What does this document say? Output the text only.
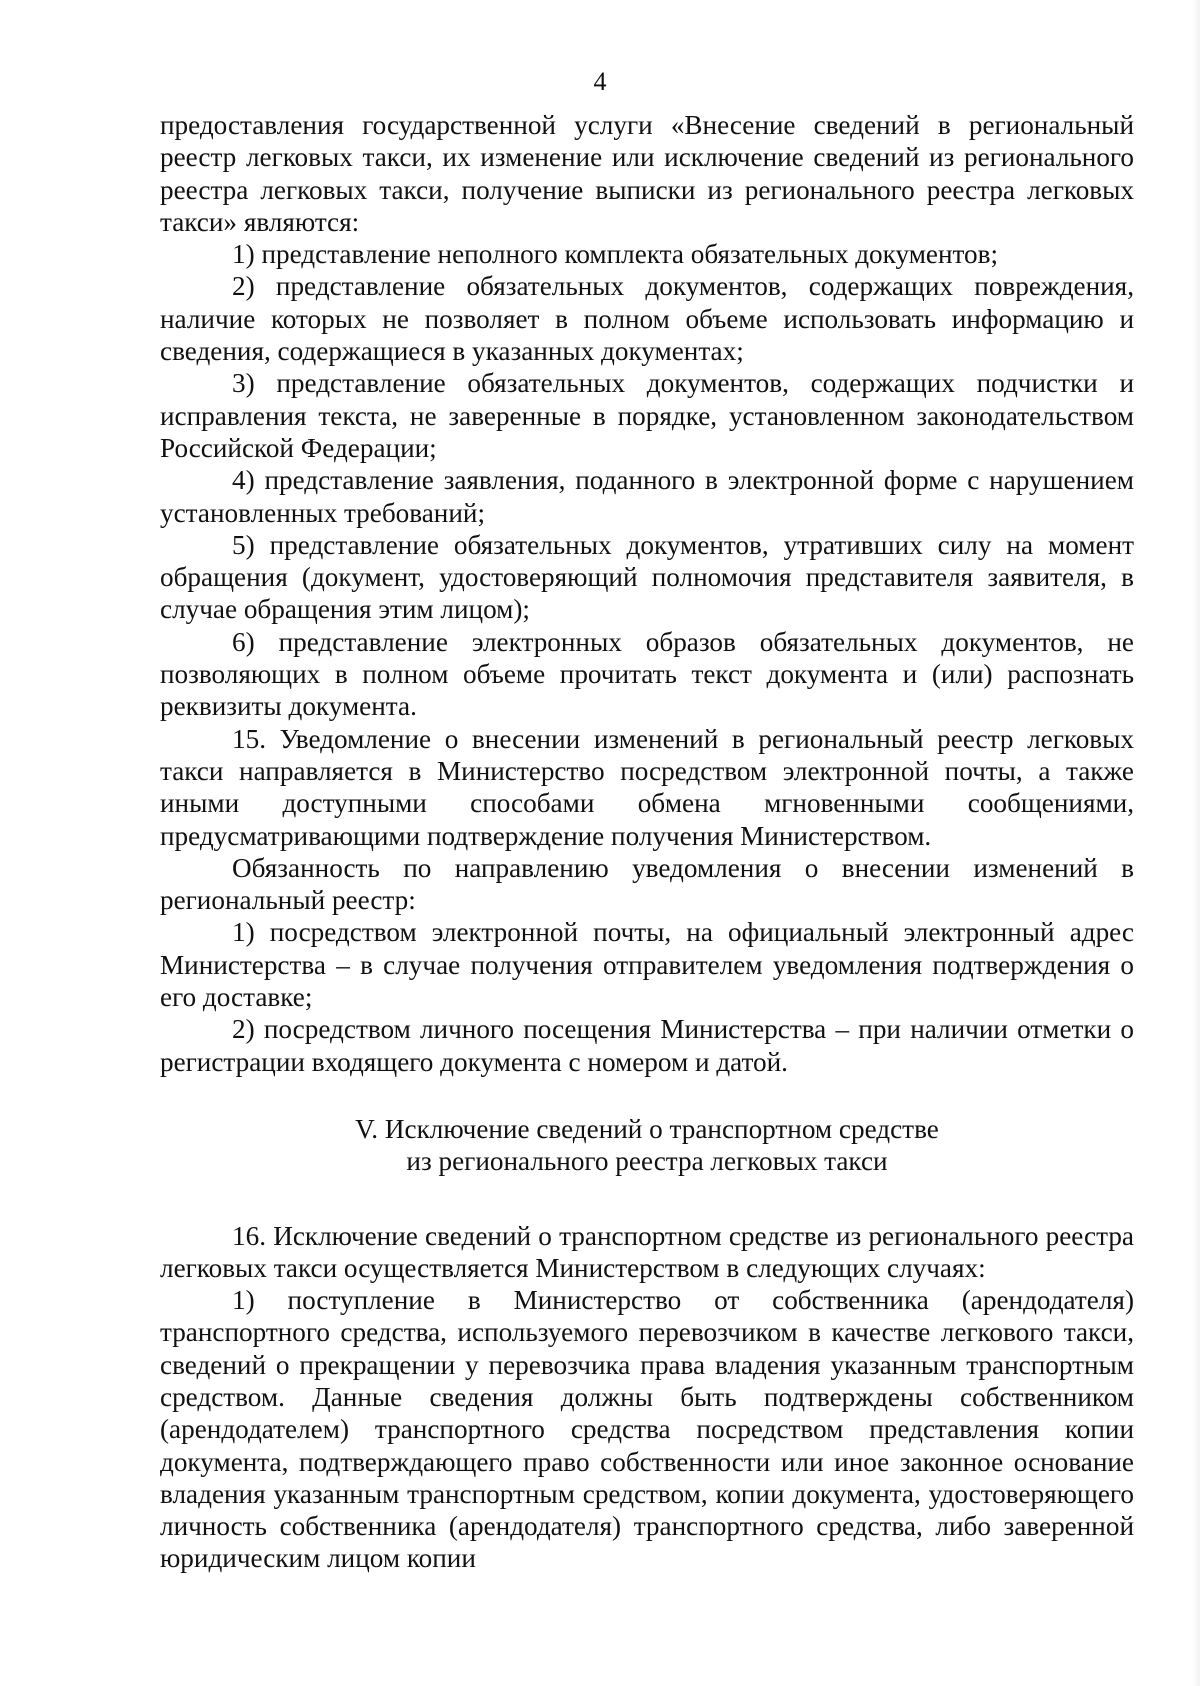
4

предоставления государственной услуги «Внесение сведений в региональный реестр легковых такси, их изменение или исключение сведений из регионального реестра легковых такси, получение выписки из регионального реестра легковых такси» являются:

1) представление неполного комплекта обязательных документов;

2) представление обязательных документов, содержащих повреждения, наличие которых не позволяет в полном объеме использовать информацию и сведения, содержащиеся в указанных документах;

3) представление обязательных документов, содержащих подчистки и исправления текста, не заверенные в порядке, установленном законодательством Российской Федерации;

4) представление заявления, поданного в электронной форме с нарушением установленных требований;

5) представление обязательных документов, утративших силу на момент обращения (документ, удостоверяющий полномочия представителя заявителя, в случае обращения этим лицом);

6) представление электронных образов обязательных документов, не позволяющих в полном объеме прочитать текст документа и (или) распознать реквизиты документа.

15. Уведомление о внесении изменений в региональный реестр легковых такси направляется в Министерство посредством электронной почты, а также иными доступными способами обмена мгновенными сообщениями, предусматривающими подтверждение получения Министерством.

Обязанность по направлению уведомления о внесении изменений в региональный реестр:

1) посредством электронной почты, на официальный электронный адрес Министерства – в случае получения отправителем уведомления подтверждения о его доставке;

2) посредством личного посещения Министерства – при наличии отметки о регистрации входящего документа с номером и датой.

V. Исключение сведений о транспортном средстве

из регионального реестра легковых такси

16. Исключение сведений о транспортном средстве из регионального реестра легковых такси осуществляется Министерством в следующих случаях:

1) поступление в Министерство от собственника (арендодателя) транспортного средства, используемого перевозчиком в качестве легкового такси, сведений о прекращении у перевозчика права владения указанным транспортным средством. Данные сведения должны быть подтверждены собственником (арендодателем) транспортного средства посредством представления копии документа, подтверждающего право собственности или иное законное основание владения указанным транспортным средством, копии документа, удостоверяющего личность собственника (арендодателя) транспортного средства, либо заверенной юридическим лицом копии
